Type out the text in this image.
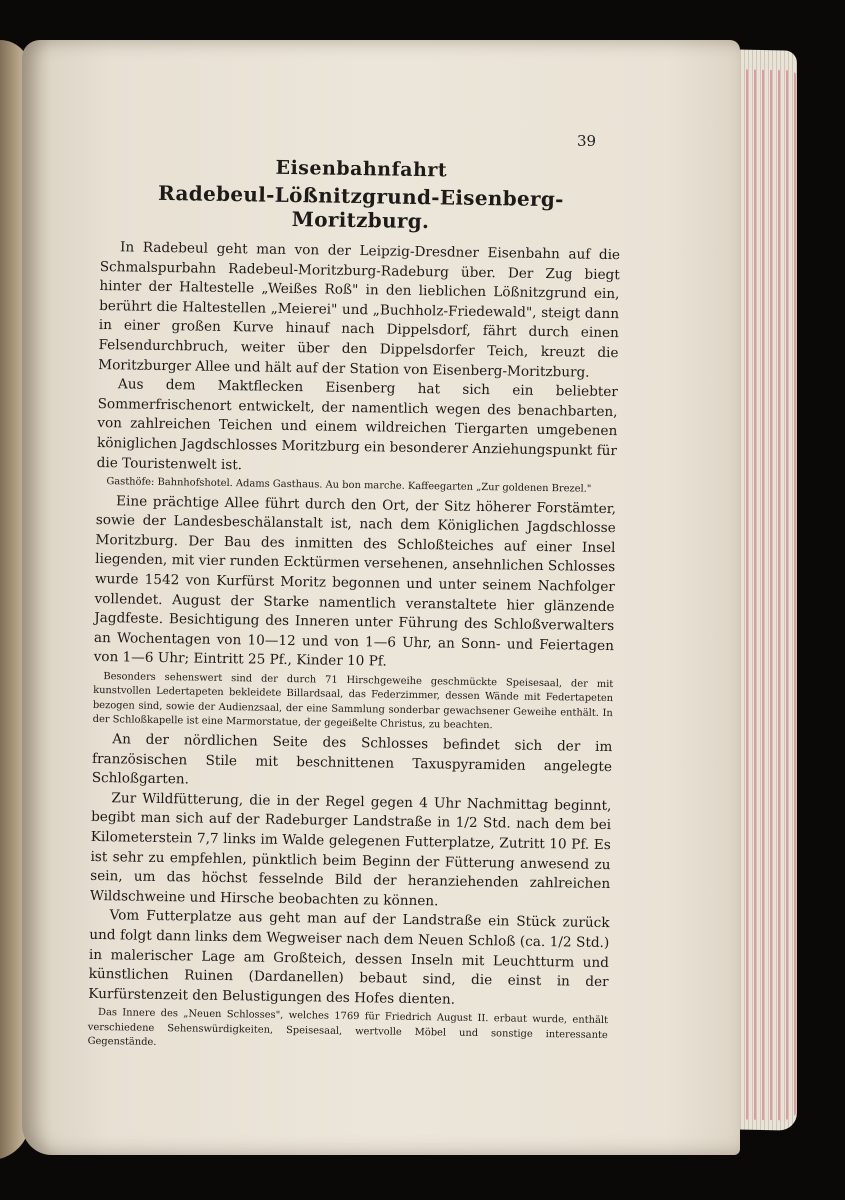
39
Eisenbahnfahrt
Radebeul-Lößnitzgrund-Eisenberg-Moritzburg.

In Radebeul geht man von der Leipzig-Dresdner Eisenbahn auf die Schmalspurbahn Radebeul-Moritzburg-Radeburg über. Der Zug biegt hinter der Haltestelle „Weißes Roß" in den lieblichen Lößnitzgrund ein, berührt die Haltestellen „Meierei" und „Buchholz-Friedewald", steigt dann in einer großen Kurve hinauf nach Dippelsdorf, fährt durch einen Felsendurchbruch, weiter über den Dippelsdorfer Teich, kreuzt die Moritzburger Allee und hält auf der Station von Eisenberg-Moritzburg.

Aus dem Maktflecken Eisenberg hat sich ein beliebter Sommerfrischenort entwickelt, der namentlich wegen des benachbarten, von zahlreichen Teichen und einem wildreichen Tiergarten umgebenen königlichen Jagdschlosses Moritzburg ein besonderer Anziehungspunkt für die Touristenwelt ist.

Gasthöfe: Bahnhofshotel. Adams Gasthaus. Au bon marche. Kaffeegarten „Zur goldenen Brezel."

Eine prächtige Allee führt durch den Ort, der Sitz höherer Forstämter, sowie der Landesbeschälanstalt ist, nach dem Königlichen Jagdschlosse Moritzburg. Der Bau des inmitten des Schloßteiches auf einer Insel liegenden, mit vier runden Ecktürmen versehenen, ansehnlichen Schlosses wurde 1542 von Kurfürst Moritz begonnen und unter seinem Nachfolger vollendet. August der Starke namentlich veranstaltete hier glänzende Jagdfeste. Besichtigung des Inneren unter Führung des Schloßverwalters an Wochentagen von 10—12 und von 1—6 Uhr, an Sonn- und Feiertagen von 1—6 Uhr; Eintritt 25 Pf., Kinder 10 Pf.

Besonders sehenswert sind der durch 71 Hirschgeweihe geschmückte Speisesaal, der mit kunstvollen Ledertapeten bekleidete Billardsaal, das Federzimmer, dessen Wände mit Federtapeten bezogen sind, sowie der Audienzsaal, der eine Sammlung sonderbar gewachsener Geweihe enthält. In der Schloßkapelle ist eine Marmorstatue, der gegeißelte Christus, zu beachten.

An der nördlichen Seite des Schlosses befindet sich der im französischen Stile mit beschnittenen Taxuspyramiden angelegte Schloßgarten.

Zur Wildfütterung, die in der Regel gegen 4 Uhr Nachmittag beginnt, begibt man sich auf der Radeburger Landstraße in 1/2 Std. nach dem bei Kilometerstein 7,7 links im Walde gelegenen Futterplatze, Zutritt 10 Pf. Es ist sehr zu empfehlen, pünktlich beim Beginn der Fütterung anwesend zu sein, um das höchst fesselnde Bild der heranziehenden zahlreichen Wildschweine und Hirsche beobachten zu können.

Vom Futterplatze aus geht man auf der Landstraße ein Stück zurück und folgt dann links dem Wegweiser nach dem Neuen Schloß (ca. 1/2 Std.) in malerischer Lage am Großteich, dessen Inseln mit Leuchtturm und künstlichen Ruinen (Dardanellen) bebaut sind, die einst in der Kurfürstenzeit den Belustigungen des Hofes dienten.

Das Innere des „Neuen Schlosses", welches 1769 für Friedrich August II. erbaut wurde, enthält verschiedene Sehenswürdigkeiten, Speisesaal, wertvolle Möbel und sonstige interessante Gegenstände.
